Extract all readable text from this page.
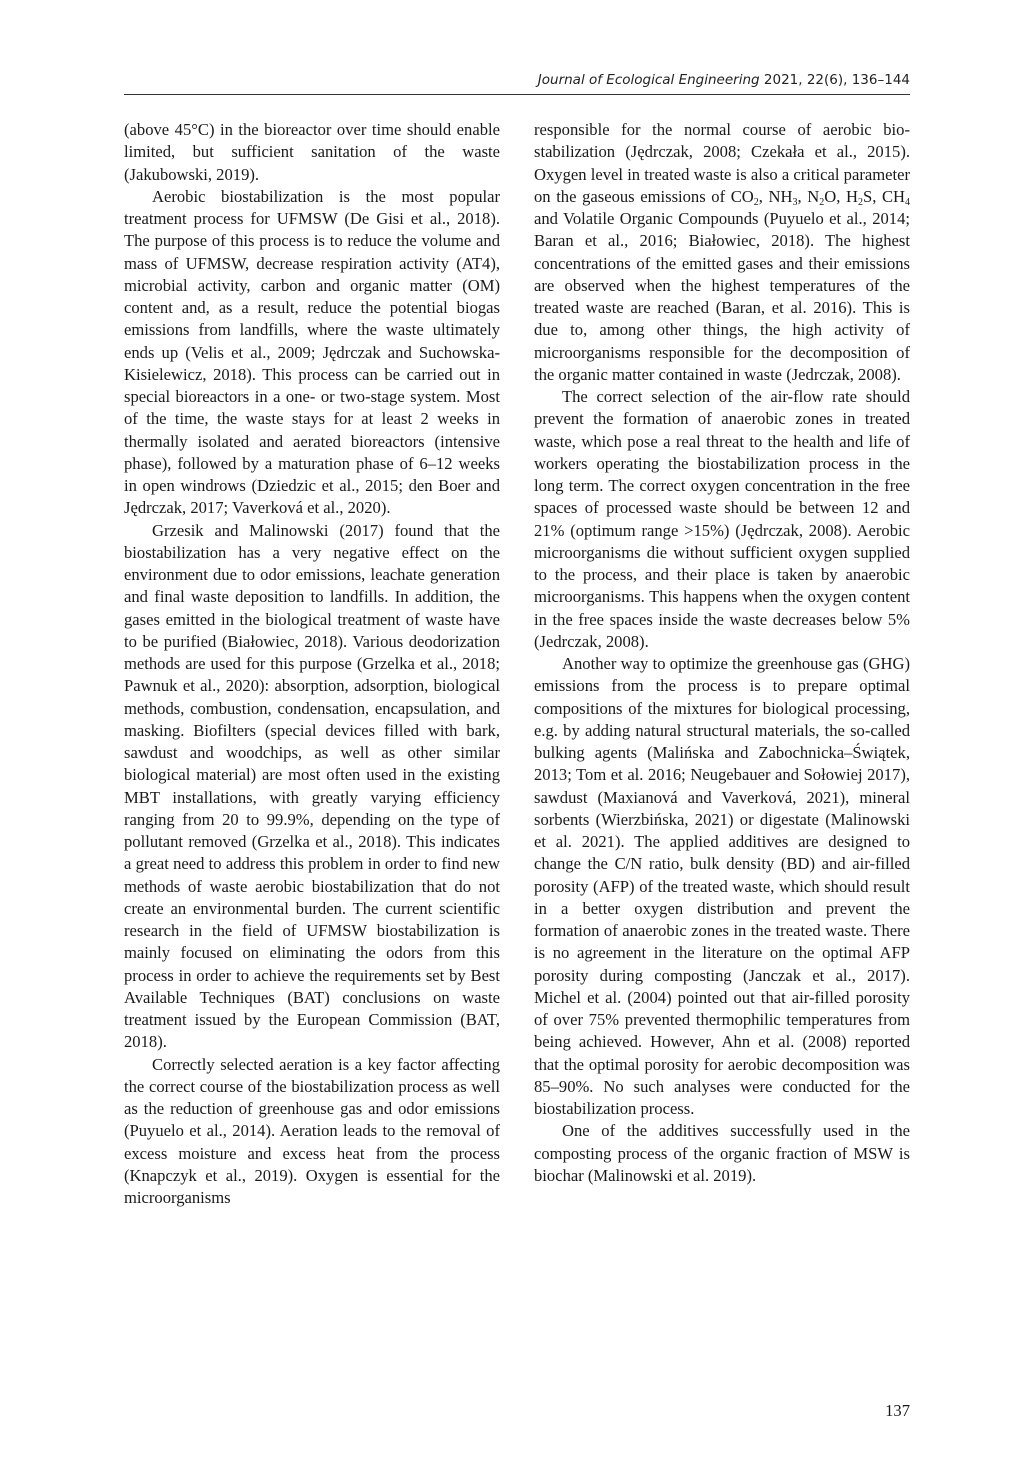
Journal of Ecological Engineering 2021, 22(6), 136–144

(above 45°C) in the bioreactor over time should enable limited, but sufficient sanitation of the waste (Jakubowski, 2019).

Aerobic biostabilization is the most popular treatment process for UFMSW (De Gisi et al., 2018). The purpose of this process is to reduce the volume and mass of UFMSW, decrease respiration activity (AT4), microbial activity, carbon and organic matter (OM) content and, as a result, reduce the potential biogas emissions from landfills, where the waste ultimately ends up (Velis et al., 2009; Jędrczak and Suchowska-Kisielewicz, 2018). This process can be carried out in special bioreactors in a one- or two-stage system. Most of the time, the waste stays for at least 2 weeks in thermally isolated and aerated bioreactors (intensive phase), followed by a maturation phase of 6–12 weeks in open windrows (Dziedzic et al., 2015; den Boer and Jędrczak, 2017; Vaverková et al., 2020).

Grzesik and Malinowski (2017) found that the biostabilization has a very negative effect on the environment due to odor emissions, leachate generation and final waste deposition to landfills. In addition, the gases emitted in the biological treatment of waste have to be purified (Białowiec, 2018). Various deodorization methods are used for this purpose (Grzelka et al., 2018; Pawnuk et al., 2020): absorption, adsorption, biological methods, combustion, condensation, encapsulation, and masking. Biofilters (special devices filled with bark, sawdust and woodchips, as well as other similar biological material) are most often used in the existing MBT installations, with greatly varying efficiency ranging from 20 to 99.9%, depending on the type of pollutant removed (Grzelka et al., 2018). This indicates a great need to address this problem in order to find new methods of waste aerobic biostabilization that do not create an environmental burden. The current scientific research in the field of UFMSW biostabilization is mainly focused on eliminating the odors from this process in order to achieve the requirements set by Best Available Techniques (BAT) conclusions on waste treatment issued by the European Commission (BAT, 2018).

Correctly selected aeration is a key factor affecting the correct course of the biostabilization process as well as the reduction of greenhouse gas and odor emissions (Puyuelo et al., 2014). Aeration leads to the removal of excess moisture and excess heat from the process (Knapczyk et al., 2019). Oxygen is essential for the microorganisms

responsible for the normal course of aerobic biostabilization (Jędrczak, 2008; Czekała et al., 2015). Oxygen level in treated waste is also a critical parameter on the gaseous emissions of $CO_2$, $NH_3$, $N_2O$, $H_2S$, $CH_4$ and Volatile Organic Compounds (Puyuelo et al., 2014; Baran et al., 2016; Białowiec, 2018). The highest concentrations of the emitted gases and their emissions are observed when the highest temperatures of the treated waste are reached (Baran, et al. 2016). This is due to, among other things, the high activity of microorganisms responsible for the decomposition of the organic matter contained in waste (Jedrczak, 2008).

The correct selection of the air-flow rate should prevent the formation of anaerobic zones in treated waste, which pose a real threat to the health and life of workers operating the biostabilization process in the long term. The correct oxygen concentration in the free spaces of processed waste should be between 12 and 21% (optimum range >15%) (Jędrczak, 2008). Aerobic microorganisms die without sufficient oxygen supplied to the process, and their place is taken by anaerobic microorganisms. This happens when the oxygen content in the free spaces inside the waste decreases below 5% (Jedrczak, 2008).

Another way to optimize the greenhouse gas (GHG) emissions from the process is to prepare optimal compositions of the mixtures for biological processing, e.g. by adding natural structural materials, the so-called bulking agents (Malińska and Zabochnicka–Świątek, 2013; Tom et al. 2016; Neugebauer and Sołowiej 2017), sawdust (Maxianová and Vaverková, 2021), mineral sorbents (Wierzbińska, 2021) or digestate (Malinowski et al. 2021). The applied additives are designed to change the C/N ratio, bulk density (BD) and air-filled porosity (AFP) of the treated waste, which should result in a better oxygen distribution and prevent the formation of anaerobic zones in the treated waste. There is no agreement in the literature on the optimal AFP porosity during composting (Janczak et al., 2017). Michel et al. (2004) pointed out that air-filled porosity of over 75% prevented thermophilic temperatures from being achieved. However, Ahn et al. (2008) reported that the optimal porosity for aerobic decomposition was 85–90%. No such analyses were conducted for the biostabilization process.

One of the additives successfully used in the composting process of the organic fraction of MSW is biochar (Malinowski et al. 2019).

137
